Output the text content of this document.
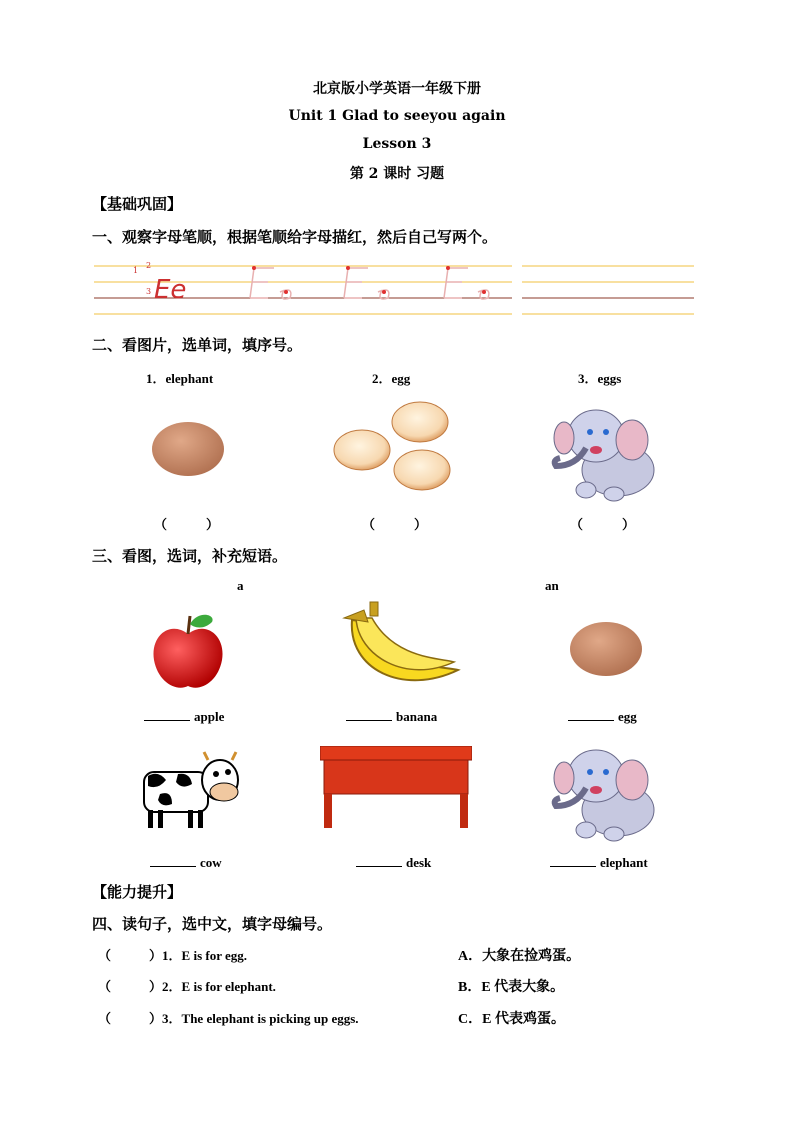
北京版小学英语一年级下册
Unit 1 Glad to seeyou again
Lesson 3
第 2 课时 习题
【基础巩固】
一、观察字母笔顺，根据笔顺给字母描红，然后自己写两个。
Ee
1
2
3
二、看图片，选单词，填序号。
1．elephant	2．egg	3．eggs
（　　　）	（　　　）	（　　　）
三、看图，选词，补充短语。
a	an
apple	banana	egg
cow	desk	elephant
【能力提升】
四、读句子，选中文，填字母编号。
（	）1．E is for egg.
（	）2．E is for elephant.
（	）3．The elephant is picking up eggs.
A．大象在捡鸡蛋。
B．E 代表大象。
C．E 代表鸡蛋。
